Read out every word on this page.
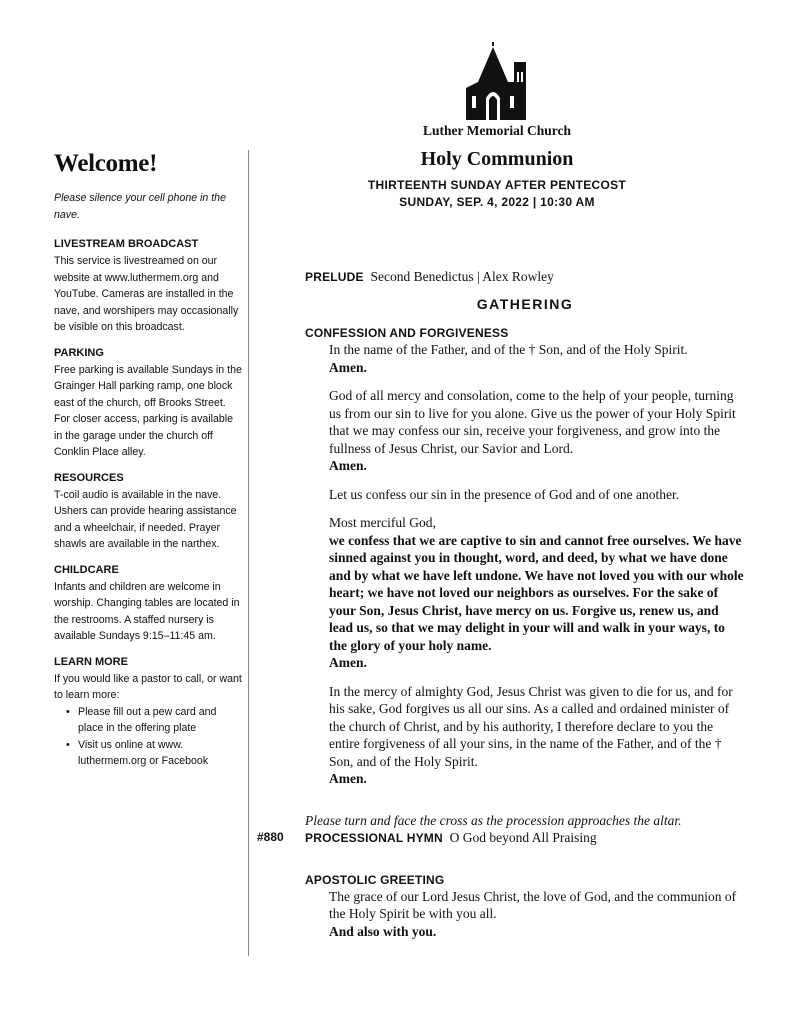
Welcome!

Please silence your cell phone in the nave.

LIVESTREAM BROADCAST

This service is livestreamed on our website at www.luthermem.org and YouTube. Cameras are installed in the nave, and worshipers may occasionally be visible on this broadcast.

PARKING

Free parking is available Sundays in the Grainger Hall parking ramp, one block east of the church, off Brooks Street. For closer access, parking is available in the garage under the church off Conklin Place alley.

RESOURCES

T-coil audio is available in the nave. Ushers can provide hearing assistance and a wheelchair, if needed. Prayer shawls are available in the narthex.

CHILDCARE

Infants and children are welcome in worship. Changing tables are located in the restrooms. A staffed nursery is available Sundays 9:15–11:45 am.

LEARN MORE

If you would like a pastor to call, or want to learn more:

• Please fill out a pew card and place in the offering plate
• Visit us online at www. luthermem.org or Facebook
Luther Memorial Church
Holy Communion
THIRTEENTH SUNDAY AFTER PENTECOST
SUNDAY, SEP. 4, 2022 | 10:30 AM
PRELUDE Second Benedictus | Alex Rowley
GATHERING
CONFESSION AND FORGIVENESS

In the name of the Father, and of the † Son, and of the Holy Spirit.
Amen.

God of all mercy and consolation, come to the help of your people, turning us from our sin to live for you alone. Give us the power of your Holy Spirit that we may confess our sin, receive your forgiveness, and grow into the fullness of Jesus Christ, our Savior and Lord.
Amen.

Let us confess our sin in the presence of God and of one another.

Most merciful God,
we confess that we are captive to sin and cannot free ourselves. We have sinned against you in thought, word, and deed, by what we have done and by what we have left undone. We have not loved you with our whole heart; we have not loved our neighbors as ourselves. For the sake of your Son, Jesus Christ, have mercy on us. Forgive us, renew us, and lead us, so that we may delight in your will and walk in your ways, to the glory of your holy name.
Amen.

In the mercy of almighty God, Jesus Christ was given to die for us, and for his sake, God forgives us all our sins. As a called and ordained minister of the church of Christ, and by his authority, I therefore declare to you the entire forgiveness of all your sins, in the name of the Father, and of the † Son, and of the Holy Spirit.
Amen.

Please turn and face the cross as the procession approaches the altar.
#880 PROCESSIONAL HYMN O God beyond All Praising
APOSTOLIC GREETING

The grace of our Lord Jesus Christ, the love of God, and the communion of the Holy Spirit be with you all.
And also with you.
